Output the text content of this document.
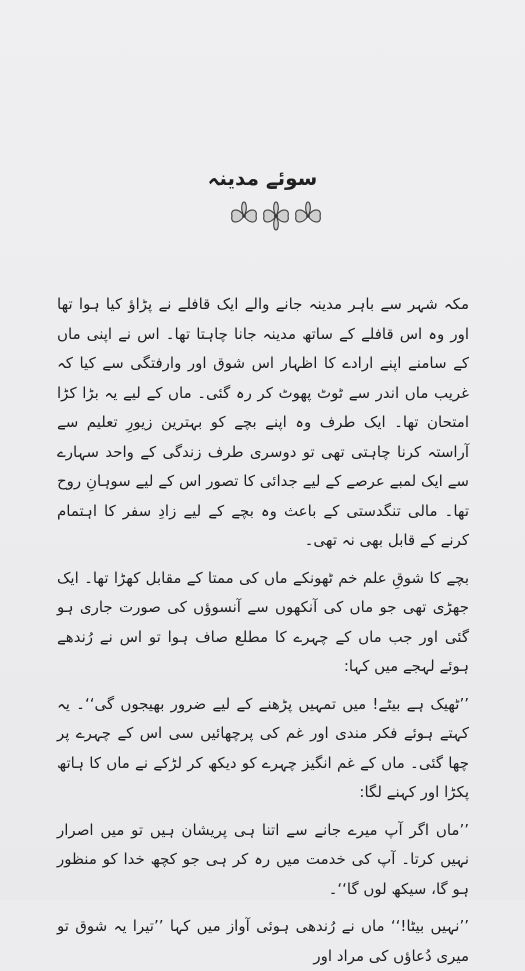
سوئے مدینہ

مکہ شہر سے باہر مدینہ جانے والے ایک قافلے نے پڑاؤ کیا ہوا تھا اور وہ اس قافلے کے ساتھ مدینہ جانا چاہتا تھا۔ اس نے اپنی ماں کے سامنے اپنے ارادے کا اظہار اس شوق اور وارفتگی سے کیا کہ غریب ماں اندر سے ٹوٹ پھوٹ کر رہ گئی۔ ماں کے لیے یہ بڑا کڑا امتحان تھا۔ ایک طرف وہ اپنے بچے کو بہترین زیورِ تعلیم سے آراستہ کرنا چاہتی تھی تو دوسری طرف زندگی کے واحد سہارے سے ایک لمبے عرصے کے لیے جدائی کا تصور اس کے لیے سوہانِ روح تھا۔ مالی تنگدستی کے باعث وہ بچے کے لیے زادِ سفر کا اہتمام کرنے کے قابل بھی نہ تھی۔

بچے کا شوقِ علم خم ٹھونکے ماں کی ممتا کے مقابل کھڑا تھا۔ ایک جھڑی تھی جو ماں کی آنکھوں سے آنسوؤں کی صورت جاری ہو گئی اور جب ماں کے چہرے کا مطلع صاف ہوا تو اس نے رُندھے ہوئے لہجے میں کہا:

’’ٹھیک ہے بیٹے! میں تمہیں پڑھنے کے لیے ضرور بھیجوں گی‘‘۔ یہ کہتے ہوئے فکر مندی اور غم کی پرچھائیں سی اس کے چہرے پر چھا گئی۔ ماں کے غم انگیز چہرے کو دیکھ کر لڑکے نے ماں کا ہاتھ پکڑا اور کہنے لگا:

’’ماں اگر آپ میرے جانے سے اتنا ہی پریشان ہیں تو میں اصرار نہیں کرتا۔ آپ کی خدمت میں رہ کر ہی جو کچھ خدا کو منظور ہو گا، سیکھ لوں گا‘‘۔

’’نہیں بیٹا!‘‘ ماں نے رُندھی ہوئی آواز میں کہا ’’تیرا یہ شوق تو میری دُعاؤں کی مراد اور
